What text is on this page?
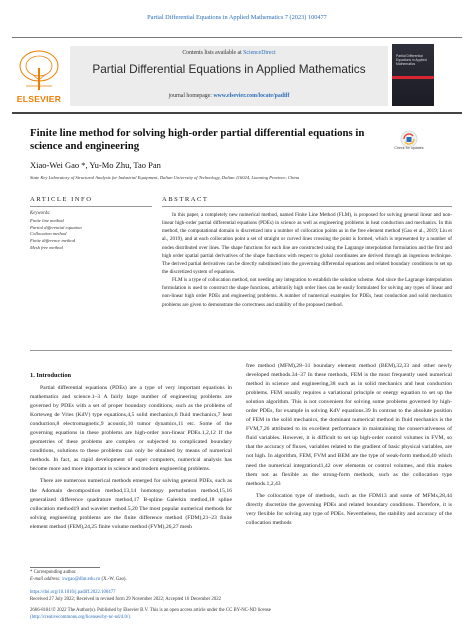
Partial Differential Equations in Applied Mathematics 7 (2023) 100477
Contents lists available at ScienceDirect
Partial Differential Equations in Applied Mathematics
journal homepage: www.elsevier.com/locate/padiff
ELSEVIER
Partial Differential Equations in Applied Mathematics
Finite line method for solving high-order partial differential equations in science and engineering	Check for updates
Xiao-Wei Gao *, Yu-Mo Zhu, Tao Pan
State Key Laboratory of Structural Analysis for Industrial Equipment, Dalian University of Technology, Dalian 116024, Liaoning Province, China
ARTICLE INFO	ABSTRACT
Keywords:
Finite line method
Partial differential equation
Collocation method
Finite difference method
Mesh free method

In this paper, a completely new numerical method, named Finite Line Method (FLM), is proposed for solving general linear and non-linear high-order partial differential equations (PDEs) in science as well as engineering problems in heat conduction and mechanics. In this method, the computational domain is discretized into a number of collocation points as in the free element method (Gao et al., 2019; Liu et al., 2019), and at each collocation point a set of straight or curved lines crossing the point is formed, which is represented by a number of nodes distributed over lines. The shape functions for each line are constructed using the Lagrange interpolation formulation and the first and high order spatial partial derivatives of the shape functions with respect to global coordinates are derived through an ingenious technique. The derived partial derivatives can be directly substituted into the governing differential equations and related boundary conditions to set up the discretized system of equations.

FLM is a type of collocation method, not needing any integration to establish the solution scheme. And since the Lagrange interpolation formulation is used to construct the shape functions, arbitrarily high order lines can be easily formulated for solving any types of linear and non-linear high order PDEs and engineering problems. A number of numerical examples for PDEs, heat conduction and solid mechanics problems are given to demonstrate the correctness and stability of the proposed method.

1. Introduction

Partial differential equations (PDEs) are a type of very important equations in mathematics and science.1–3 A fairly large number of engineering problems are governed by PDEs with a set of proper boundary conditions, such as the problems of Korteweg de Vries (KdV) type equations,4,5 solid mechanics,6 fluid mechanics,7 heat conduction,8 electromagnetic,9 acoustic,10 tumor dynamics,11 etc. Some of the governing equations in these problems are high-order non-linear PDEs.1,2,12 If the geometries of these problems are complex or subjected to complicated boundary conditions, solutions to these problems can only be obtained by means of numerical methods. In fact, as rapid development of super computers, numerical analysis has become more and more important in science and modern engineering problems.

There are numerous numerical methods emerged for solving general PDEs, such as the Adomain decomposition method,13,14 homotopy perturbation method,15,16 generalized difference quadrature method,17 B-spline Galerkin method,18 spline collocation method19 and wavelet method.5,20 The most popular numerical methods for solving engineering problems are the finite difference method (FDM),21–23 finite element method (FEM),24,25 finite volume method (FVM),26,27 mesh

free method (MFM),28–31 boundary element method (BEM),32,33 and other newly developed methods.34–37 In these methods, FEM is the most frequently used numerical method in science and engineering,38 such as in solid mechanics and heat conduction problems. FEM usually requires a variational principle or energy equation to set up the solution algorithm. This is not convenient for solving some problems governed by high-order PDEs, for example in solving KdV equations.39 In contrast to the absolute position of FEM in the solid mechanics, the dominant numerical method in fluid mechanics is the FVM,7,26 attributed to its excellent performance in maintaining the conservativeness of fluid variables. However, it is difficult to set up high-order control volumes in FVM, so that the accuracy of fluxes, variables related to the gradient of basic physical variables, are not high. In algorithm, FEM, FVM and BEM are the type of weak-form method,40 which need the numerical integration41,42 over elements or control volumes, and this makes them not as flexible as the strong-form methods, such as the collocation type methods.1,2,43

The collocation type of methods, such as the FDM13 and some of MFMs,28,44 directly discretize the governing PDEs and related boundary conditions. Therefore, it is very flexible for solving any type of PDEs. Nevertheless, the stability and accuracy of the collocation methods

* Corresponding author.
E-mail address: xwgao@dlut.edu.cn (X.-W. Gao).
https://doi.org/10.1016/j.padiff.2022.100477
Received 27 July 2022; Received in revised form 29 November 2022; Accepted 16 December 2022
2666-8181/© 2022 The Author(s). Published by Elsevier B.V. This is an open access article under the CC BY-NC-ND license
(http://creativecommons.org/licenses/by-nc-nd/4.0/).
